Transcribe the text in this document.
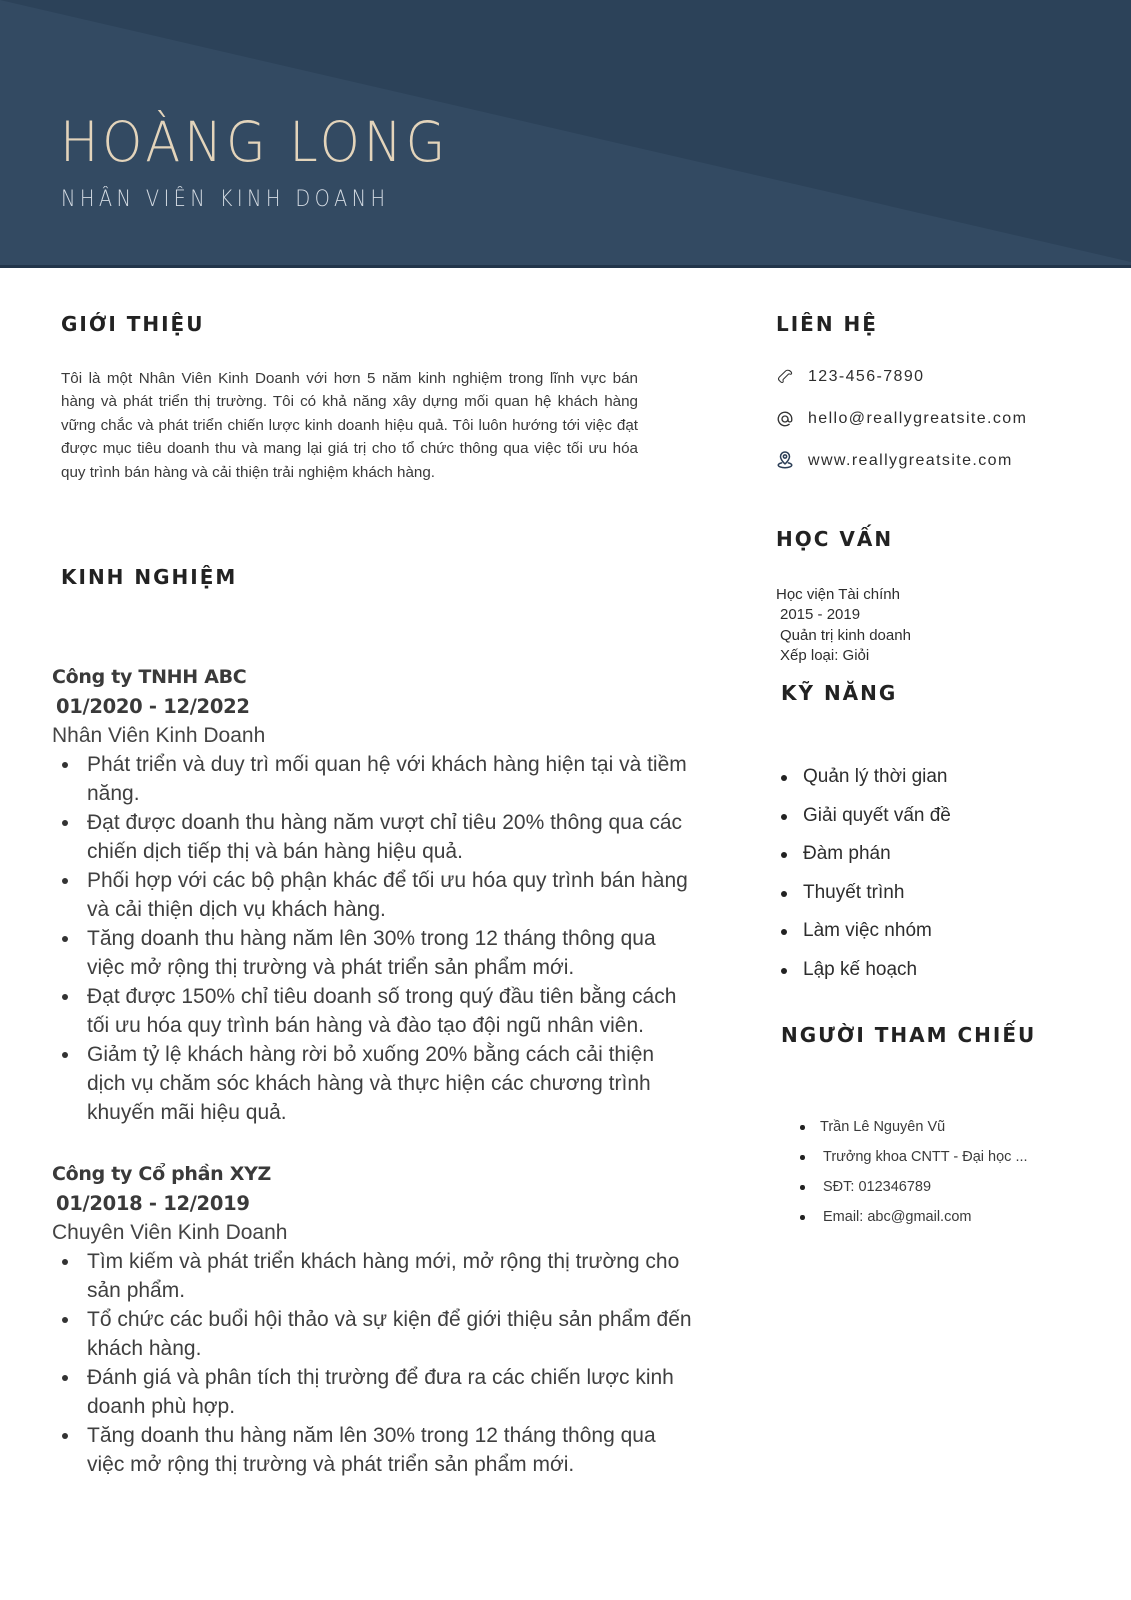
HOÀNG LONG
NHÂN VIÊN KINH DOANH
GIỚI THIỆU

Tôi là một Nhân Viên Kinh Doanh với hơn 5 năm kinh nghiệm trong lĩnh vực bán hàng và phát triển thị trường. Tôi có khả năng xây dựng mối quan hệ khách hàng vững chắc và phát triển chiến lược kinh doanh hiệu quả. Tôi luôn hướng tới việc đạt được mục tiêu doanh thu và mang lại giá trị cho tổ chức thông qua việc tối ưu hóa quy trình bán hàng và cải thiện trải nghiệm khách hàng.

KINH NGHIỆM
Công ty TNHH ABC
01/2020 - 12/2022
Nhân Viên Kinh Doanh
Phát triển và duy trì mối quan hệ với khách hàng hiện tại và tiềm năng.
Đạt được doanh thu hàng năm vượt chỉ tiêu 20% thông qua các chiến dịch tiếp thị và bán hàng hiệu quả.
Phối hợp với các bộ phận khác để tối ưu hóa quy trình bán hàng và cải thiện dịch vụ khách hàng.
Tăng doanh thu hàng năm lên 30% trong 12 tháng thông qua việc mở rộng thị trường và phát triển sản phẩm mới.
Đạt được 150% chỉ tiêu doanh số trong quý đầu tiên bằng cách tối ưu hóa quy trình bán hàng và đào tạo đội ngũ nhân viên.
Giảm tỷ lệ khách hàng rời bỏ xuống 20% bằng cách cải thiện dịch vụ chăm sóc khách hàng và thực hiện các chương trình khuyến mãi hiệu quả.
Công ty Cổ phần XYZ
01/2018 - 12/2019
Chuyên Viên Kinh Doanh
Tìm kiếm và phát triển khách hàng mới, mở rộng thị trường cho sản phẩm.
Tổ chức các buổi hội thảo và sự kiện để giới thiệu sản phẩm đến khách hàng.
Đánh giá và phân tích thị trường để đưa ra các chiến lược kinh doanh phù hợp.
Tăng doanh thu hàng năm lên 30% trong 12 tháng thông qua việc mở rộng thị trường và phát triển sản phẩm mới.
LIÊN HỆ
123-456-7890
hello@reallygreatsite.com
www.reallygreatsite.com
HỌC VẤN
Học viện Tài chính
2015 - 2019
Quản trị kinh doanh
Xếp loại: Giỏi
KỸ NĂNG
Quản lý thời gian
Giải quyết vấn đề
Đàm phán
Thuyết trình
Làm việc nhóm
Lập kế hoạch
NGƯỜI THAM CHIẾU
Trần Lê Nguyên Vũ
Trưởng khoa CNTT - Đại học ...
SĐT: 012346789
Email: abc@gmail.com
